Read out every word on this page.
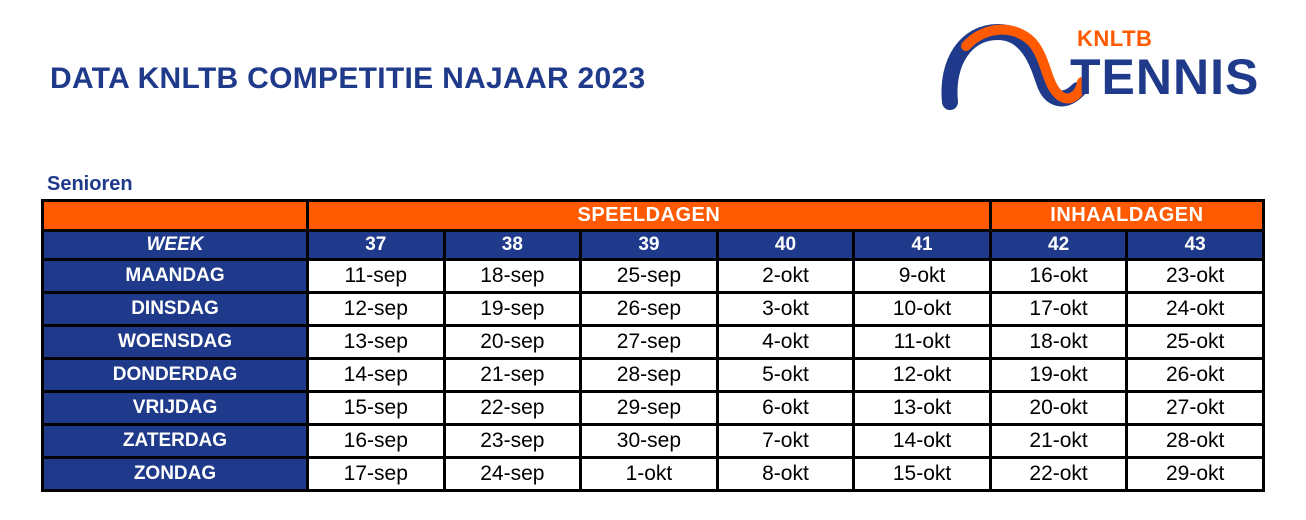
DATA KNLTB COMPETITIE NAJAAR 2023
KNLTB
TENNIS
Senioren
	SPEELDAGEN					INHAALDAGEN	
WEEK	37	38	39	40	41	42	43
MAANDAG	11-sep	18-sep	25-sep	2-okt	9-okt	16-okt	23-okt
DINSDAG	12-sep	19-sep	26-sep	3-okt	10-okt	17-okt	24-okt
WOENSDAG	13-sep	20-sep	27-sep	4-okt	11-okt	18-okt	25-okt
DONDERDAG	14-sep	21-sep	28-sep	5-okt	12-okt	19-okt	26-okt
VRIJDAG	15-sep	22-sep	29-sep	6-okt	13-okt	20-okt	27-okt
ZATERDAG	16-sep	23-sep	30-sep	7-okt	14-okt	21-okt	28-okt
ZONDAG	17-sep	24-sep	1-okt	8-okt	15-okt	22-okt	29-okt
